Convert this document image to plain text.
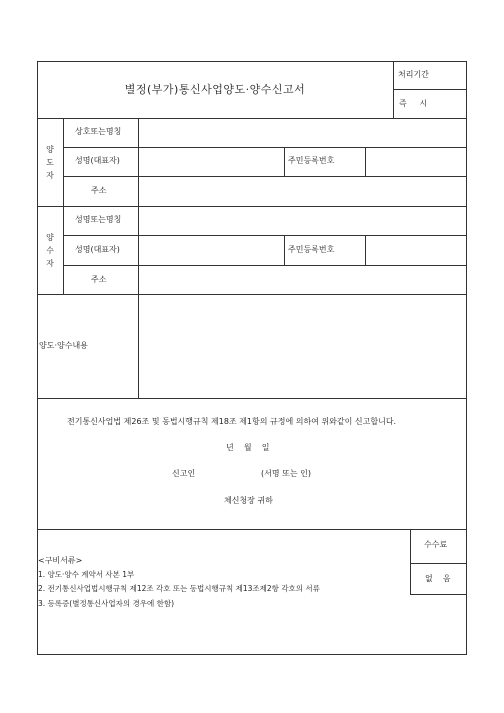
별정(부가)통신사업양도·양수신고서
처리기간
즉     시
양도자
상호또는명칭
성명(대표자)	주민등록번호
주소
양수자
성명또는명칭
성명(대표자)	주민등록번호
주소
양도·양수내용
전기통신사업법 제26조 및 동법시행규칙 제18조 제1항의 규정에 의하여 위와같이 신고합니다.
년    월    일
신고인	(서명 또는 인)
체신청장 귀하
<구비서류>
1. 양도·양수 계약서 사본 1부
2. 전기통신사업법시행규칙 제12조 각호 또는 동법시행규칙 제13조제2항 각호의 서류
3. 등록증(별정통신사업자의 경우에 한함)
수수료
없    음
